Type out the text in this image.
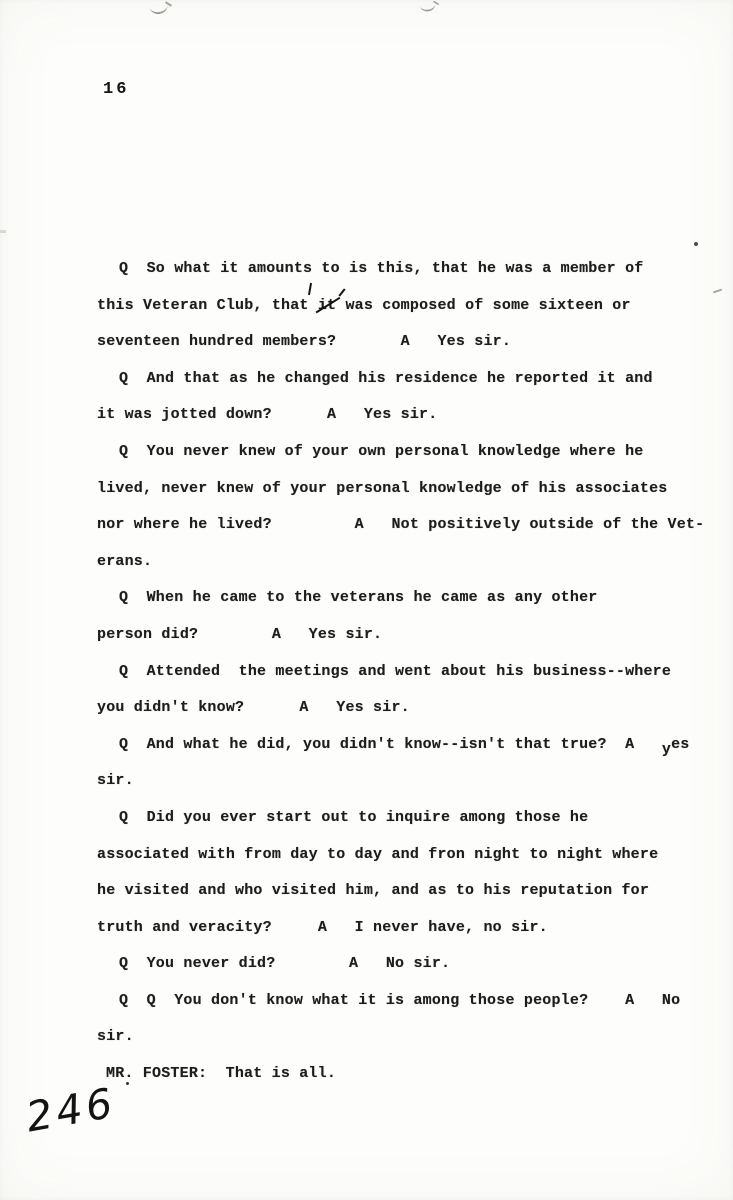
16
Q  So what it amounts to is this, that he was a member of
this Veteran Club, that it
was composed of some sixteen or
seventeen hundred members?       A   Yes sir.
Q  And that as he changed his residence he reported it and
it was jotted down?      A   Yes sir.
Q  You never knew of your own personal knowledge where he
lived, never knew of your personal knowledge of his associates
nor where he lived?         A   Not positively outside of the Vet-
erans.
Q  When he came to the veterans he came as any other
person did?        A   Yes sir.
Q  Attended  the meetings and went about his business--where
you didn't know?      A   Yes sir.
Q  And what he did, you didn't know--isn't that true?  A   yes
sir.
Q  Did you ever start out to inquire among those he
associated with from day to day and fron night to night where
he visited and who visited him, and as to his reputation for
truth and veracity?     A   I never have, no sir.
Q  You never did?        A   No sir.
Q  Q  You don't know what it is among those people?    A   No
sir.
MR. FOSTER:  That is all.
246
